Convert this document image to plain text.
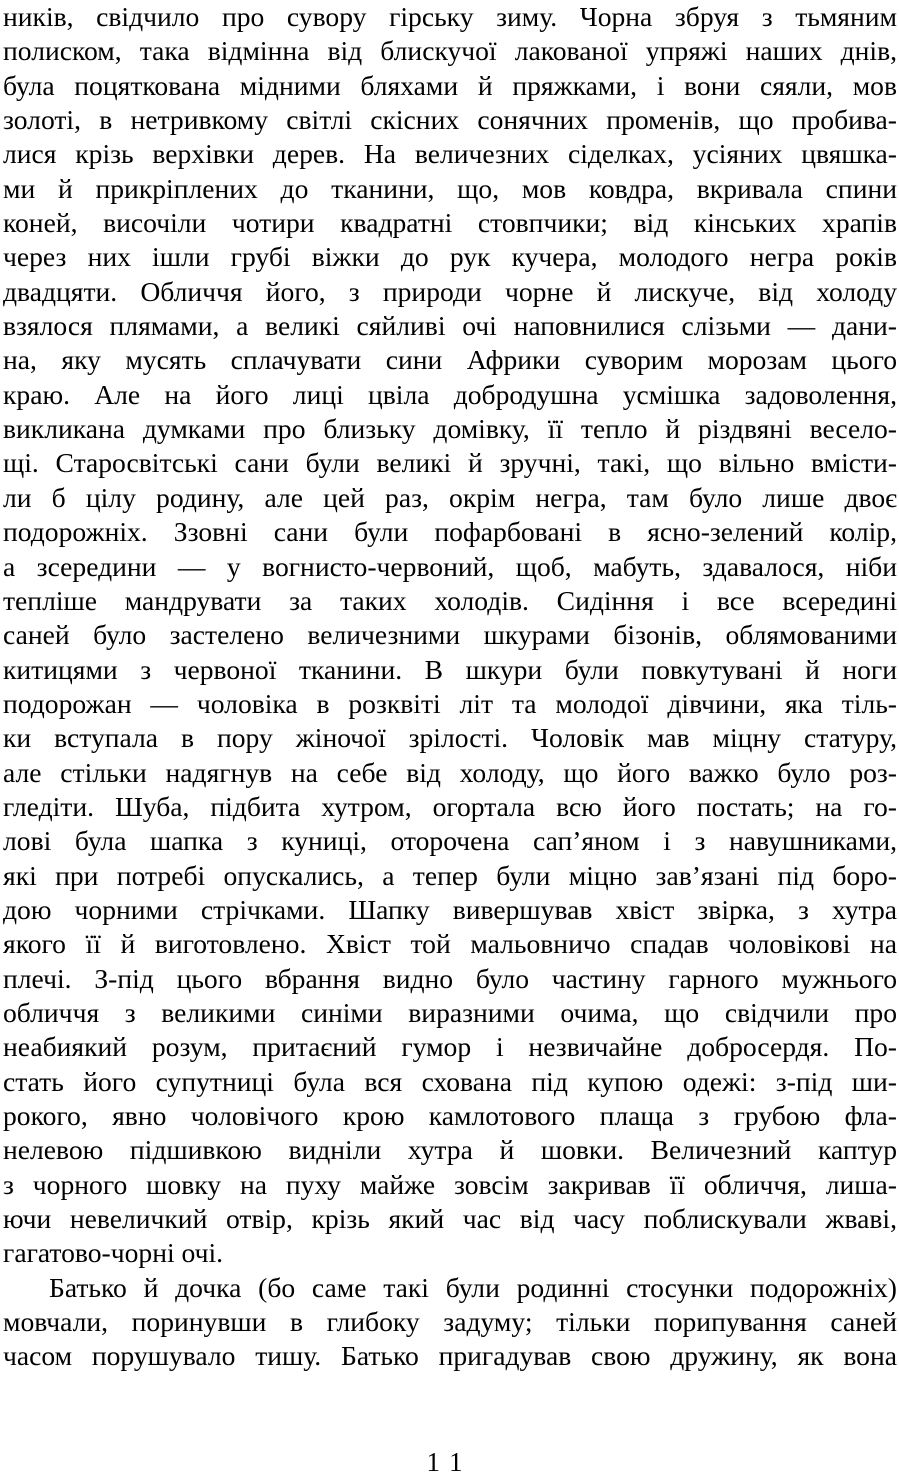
ників, свідчило про сувору гірську зиму. Чорна збруя з тьмяним
полиском, така відмінна від блискучої лакованої упряжі наших днів,
була поцяткована мідними бляхами й пряжками, і вони сяяли, мов
золоті, в нетривкому світлі скісних сонячних променів, що пробива-
лися крізь верхівки дерев. На величезних сіделках, усіяних цвяшка-
ми й прикріплених до тканини, що, мов ковдра, вкривала спини
коней, височіли чотири квадратні стовпчики; від кінських храпів
через них ішли грубі віжки до рук кучера, молодого негра років
двадцяти. Обличчя його, з природи чорне й лискуче, від холоду
взялося плямами, а великі сяйливі очі наповнилися слізьми — дани-
на, яку мусять сплачувати сини Африки суворим морозам цього
краю. Але на його лиці цвіла добродушна усмішка задоволення,
викликана думками про близьку домівку, її тепло й різдвяні весело-
щі. Старосвітські сани були великі й зручні, такі, що вільно вмісти-
ли б цілу родину, але цей раз, окрім негра, там було лише двоє
подорожніх. Ззовні сани були пофарбовані в ясно-зелений колір,
а зсередини — у вогнисто-червоний, щоб, мабуть, здавалося, ніби
тепліше мандрувати за таких холодів. Сидіння і все всередині
саней було застелено величезними шкурами бізонів, облямованими
китицями з червоної тканини. В шкури були повкутувані й ноги
подорожан — чоловіка в розквіті літ та молодої дівчини, яка тіль-
ки вступала в пору жіночої зрілості. Чоловік мав міцну статуру,
але стільки надягнув на себе від холоду, що його важко було роз-
гледіти. Шуба, підбита хутром, огортала всю його постать; на го-
лові була шапка з куниці, оторочена сап’яном і з навушниками,
які при потребі опускались, а тепер були міцно зав’язані під боро-
дою чорними стрічками. Шапку вивершував хвіст звірка, з хутра
якого її й виготовлено. Хвіст той мальовничо спадав чоловікові на
плечі. З-під цього вбрання видно було частину гарного мужнього
обличчя з великими синіми виразними очима, що свідчили про
неабиякий розум, притаєний гумор і незвичайне добросердя. По-
стать його супутниці була вся схована під купою одежі: з-під ши-
рокого, явно чоловічого крою камлотового плаща з грубою фла-
нелевою підшивкою видніли хутра й шовки. Величезний каптур
з чорного шовку на пуху майже зовсім закривав її обличчя, лиша-
ючи невеличкий отвір, крізь який час від часу поблискували жваві,
гагатово-чорні очі.
Батько й дочка (бо саме такі були родинні стосунки подорожніх)
мовчали, поринувши в глибоку задуму; тільки порипування саней
часом порушувало тишу. Батько пригадував свою дружину, як вона
11
